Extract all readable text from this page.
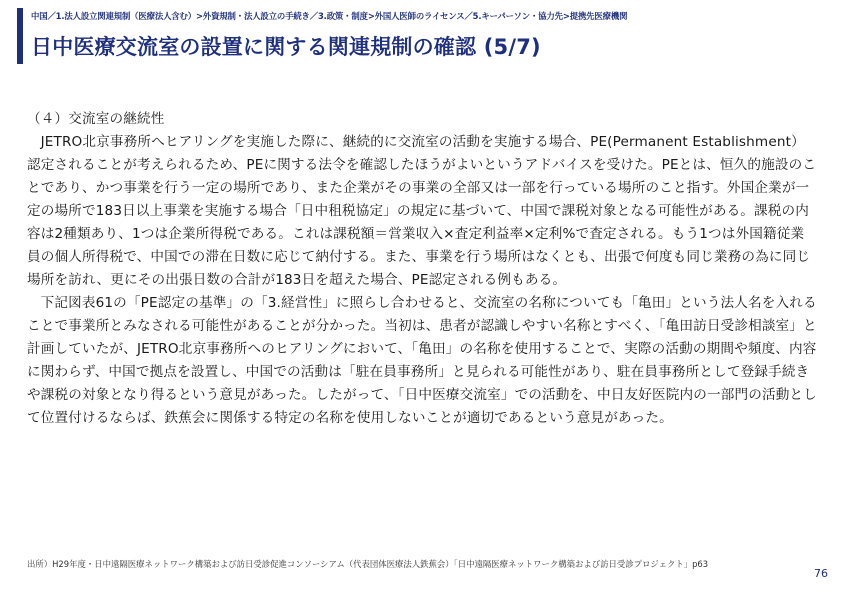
中国／1.法人設立関連規制（医療法人含む）>外資規制・法人設立の手続き／3.政策・制度>外国人医師のライセンス／5.キーパーソン・協力先>提携先医療機関
日中医療交流室の設置に関する関連規制の確認 (5/7)

（４）交流室の継続性

JETRO北京事務所へヒアリングを実施した際に、継続的に交流室の活動を実施する場合、PE(Permanent Establishment）認定されることが考えられるため、PEに関する法令を確認したほうがよいというアドバイスを受けた。PEとは、恒久的施設のことであり、かつ事業を行う一定の場所であり、また企業がその事業の全部又は一部を行っている場所のこと指す。外国企業が一定の場所で183日以上事業を実施する場合「日中租税協定」の規定に基づいて、中国で課税対象となる可能性がある。課税の内容は2種類あり、1つは企業所得税である。これは課税額＝営業収入×査定利益率×定利%で査定される。もう1つは外国籍従業員の個人所得税で、中国での滞在日数に応じて納付する。また、事業を行う場所はなくとも、出張で何度も同じ業務の為に同じ場所を訪れ、更にその出張日数の合計が183日を超えた場合、PE認定される例もある。

下記図表61の「PE認定の基準」の「3.経営性」に照らし合わせると、交流室の名称についても「亀田」という法人名を入れることで事業所とみなされる可能性があることが分かった。当初は、患者が認識しやすい名称とすべく、「亀田訪日受診相談室」と計画していたが、JETRO北京事務所へのヒアリングにおいて、「亀田」の名称を使用することで、実際の活動の期間や頻度、内容に関わらず、中国で拠点を設置し、中国での活動は「駐在員事務所」と見られる可能性があり、駐在員事務所として登録手続きや課税の対象となり得るという意見があった。したがって、「日中医療交流室」での活動を、中日友好医院内の一部門の活動として位置付けるならば、鉄蕉会に関係する特定の名称を使用しないことが適切であるという意見があった。

出所）H29年度・日中遠隔医療ネットワーク構築および訪日受診促進コンソーシアム（代表団体医療法人鉄蕉会）「日中遠隔医療ネットワーク構築および訪日受診プロジェクト」p63
76
